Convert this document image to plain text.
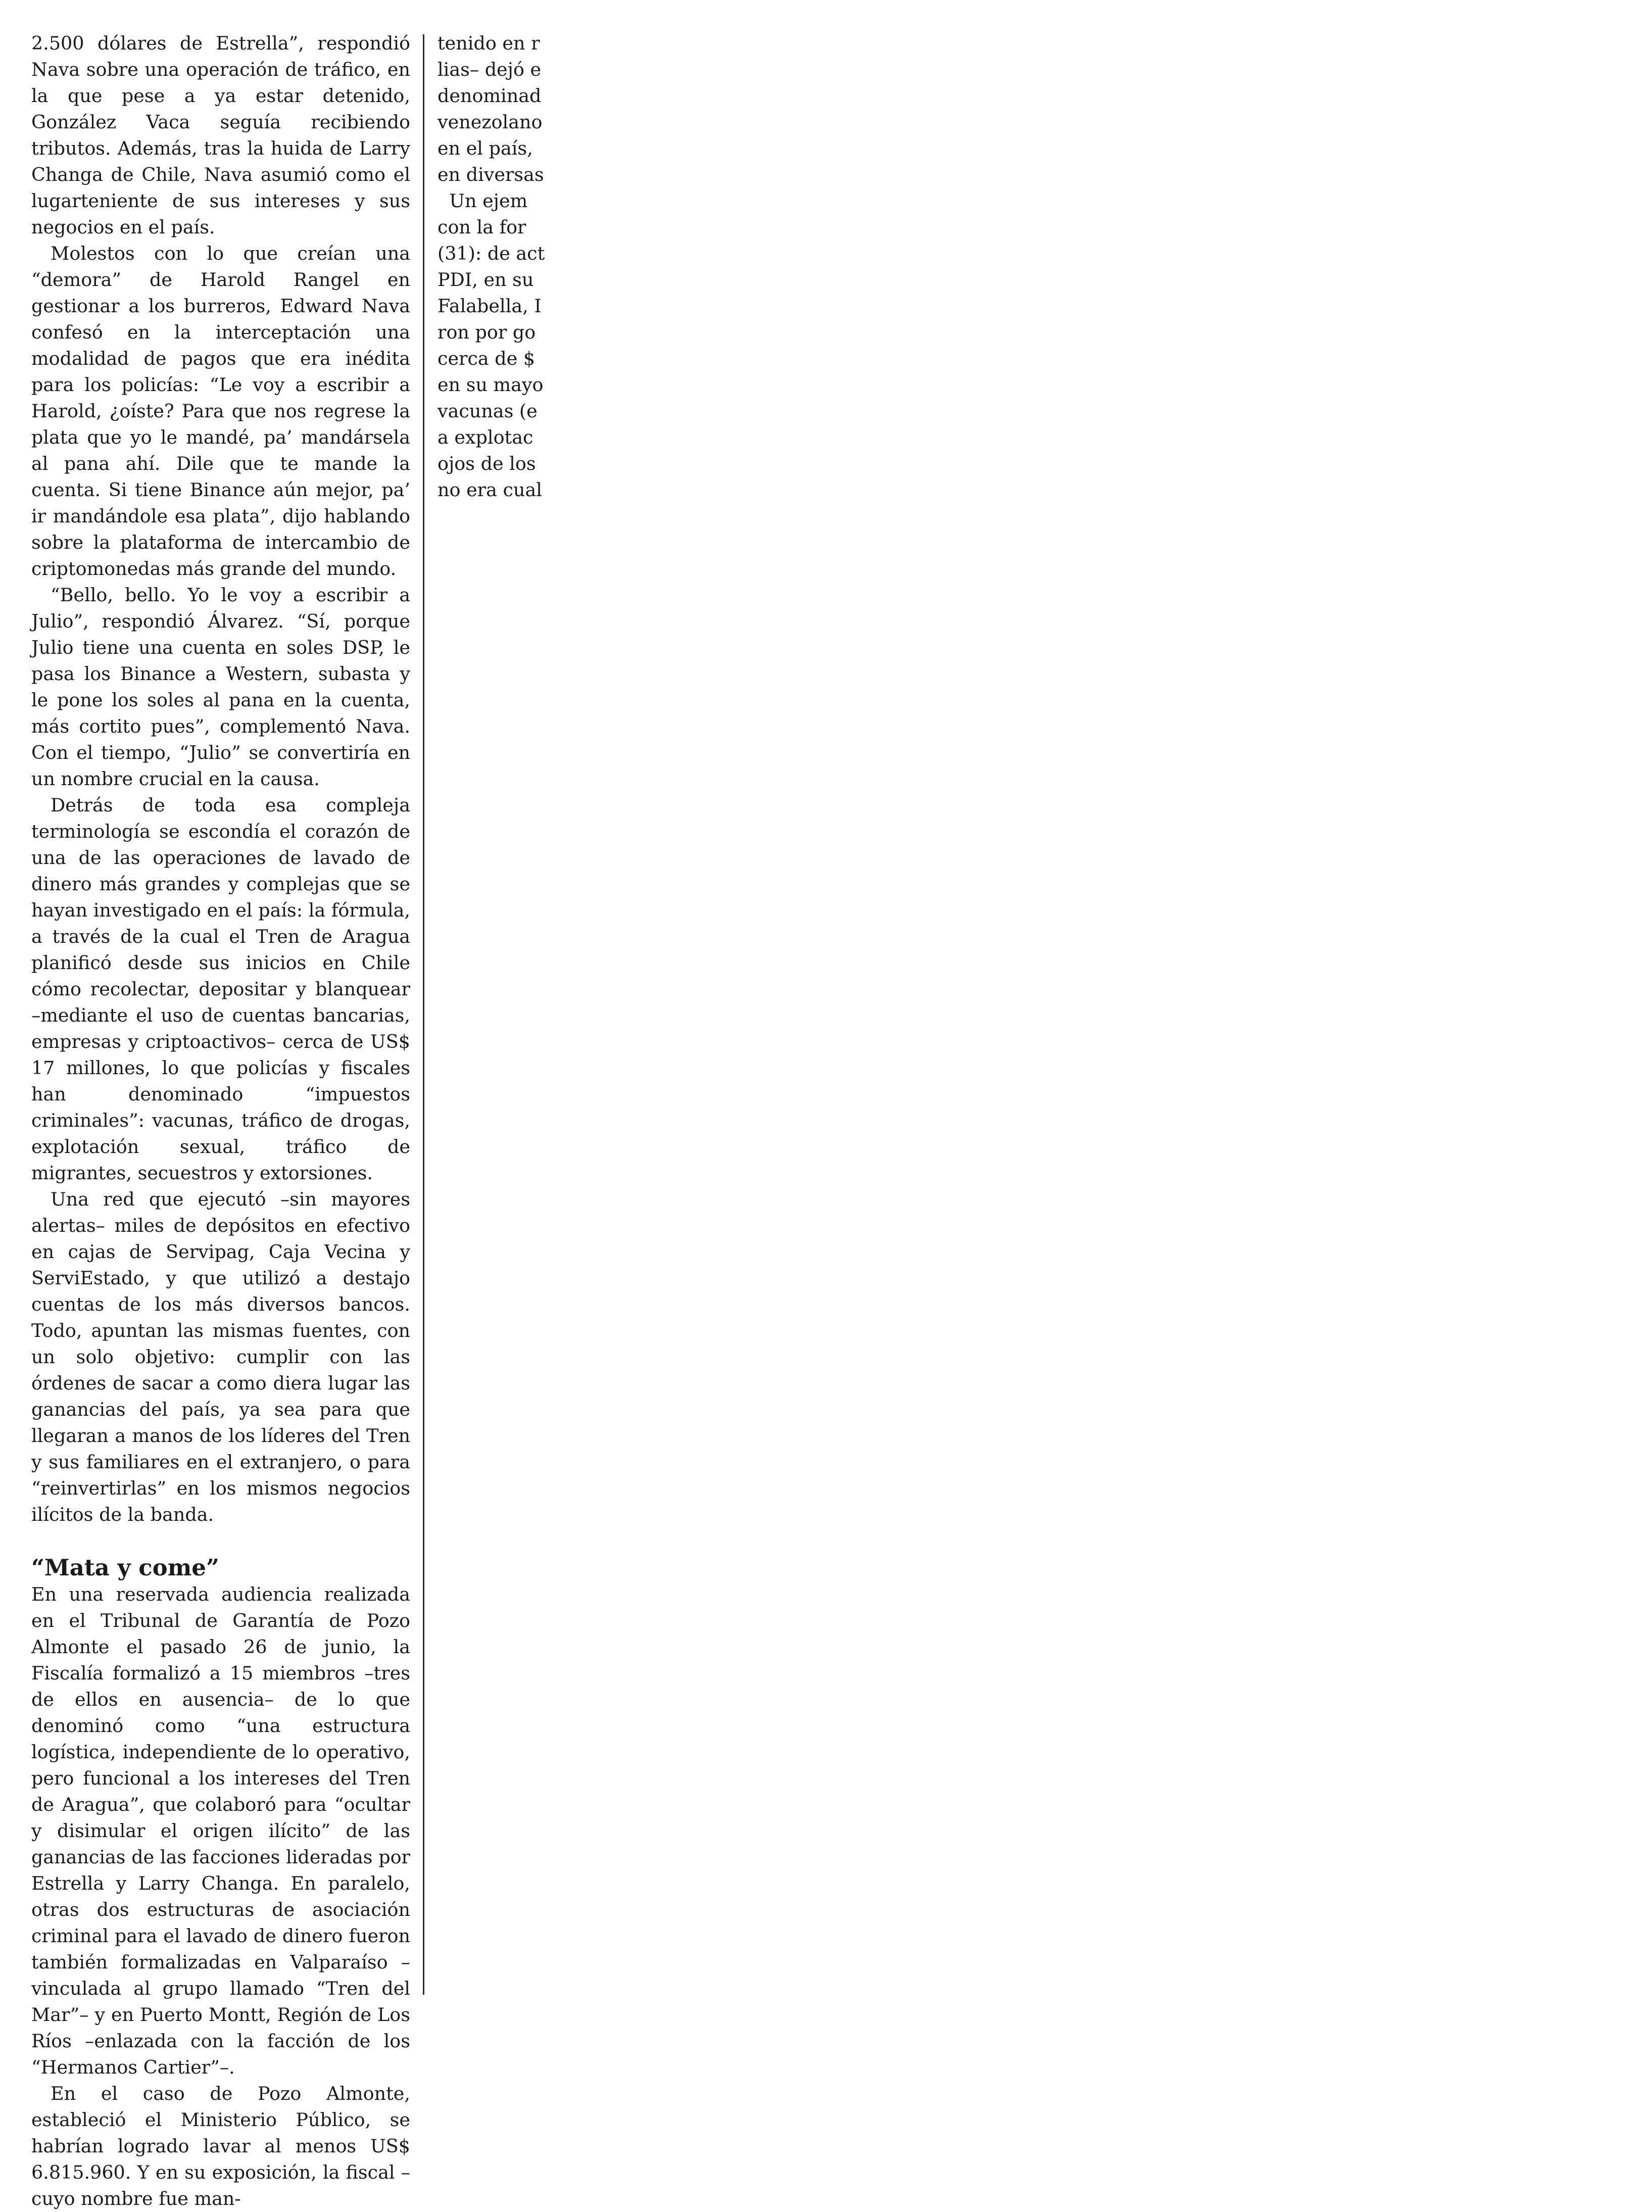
2.500 dólares de Estrella”, respondió Nava sobre una operación de tráfico, en la que pese a ya estar detenido, González Vaca seguía recibiendo tributos. Además, tras la huida de Larry Changa de Chile, Nava asumió como el lugarteniente de sus intereses y sus negocios en el país.

Molestos con lo que creían una “demora” de Harold Rangel en gestionar a los burreros, Edward Nava confesó en la interceptación una modalidad de pagos que era inédita para los policías: “Le voy a escribir a Harold, ¿oíste? Para que nos regrese la plata que yo le mandé, pa’ mandársela al pana ahí. Dile que te mande la cuenta. Si tiene Binance aún mejor, pa’ ir mandándole esa plata”, dijo hablando sobre la plataforma de intercambio de criptomonedas más grande del mundo.

“Bello, bello. Yo le voy a escribir a Julio”, respondió Álvarez. “Sí, porque Julio tiene una cuenta en soles DSP, le pasa los Binance a Western, subasta y le pone los soles al pana en la cuenta, más cortito pues”, complementó Nava. Con el tiempo, “Julio” se convertiría en un nombre crucial en la causa.

Detrás de toda esa compleja terminología se escondía el corazón de una de las operaciones de lavado de dinero más grandes y complejas que se hayan investigado en el país: la fórmula, a través de la cual el Tren de Aragua planificó desde sus inicios en Chile cómo recolectar, depositar y blanquear –mediante el uso de cuentas bancarias, empresas y criptoactivos– cerca de US$ 17 millones, lo que policías y fiscales han denominado “impuestos criminales”: vacunas, tráfico de drogas, explotación sexual, tráfico de migrantes, secuestros y extorsiones.

Una red que ejecutó –sin mayores alertas– miles de depósitos en efectivo en cajas de Servipag, Caja Vecina y ServiEstado, y que utilizó a destajo cuentas de los más diversos bancos. Todo, apuntan las mismas fuentes, con un solo objetivo: cumplir con las órdenes de sacar a como diera lugar las ganancias del país, ya sea para que llegaran a manos de los líderes del Tren y sus familiares en el extranjero, o para “reinvertirlas” en los mismos negocios ilícitos de la banda.

“Mata y come”

En una reservada audiencia realizada en el Tribunal de Garantía de Pozo Almonte el pasado 26 de junio, la Fiscalía formalizó a 15 miembros –tres de ellos en ausencia– de lo que denominó como “una estructura logística, independiente de lo operativo, pero funcional a los intereses del Tren de Aragua”, que colaboró para “ocultar y disimular el origen ilícito” de las ganancias de las facciones lideradas por Estrella y Larry Changa. En paralelo, otras dos estructuras de asociación criminal para el lavado de dinero fueron también formalizadas en Valparaíso –vinculada al grupo llamado “Tren del Mar”– y en Puerto Montt, Región de Los Ríos –enlazada con la facción de los “Hermanos Cartier”–.

En el caso de Pozo Almonte, estableció el Ministerio Público, se habrían logrado lavar al menos US$ 6.815.960. Y en su exposición, la fiscal –cuyo nombre fue man-

tenido en r
lias– dejó e
denominad
venezolano
en el país,
en diversas
Un ejem
con la for
(31): de act
PDI, en su
Falabella, I
ron por go
cerca de $
en su mayo
vacunas (e
a explotac
ojos de los
no era cual
